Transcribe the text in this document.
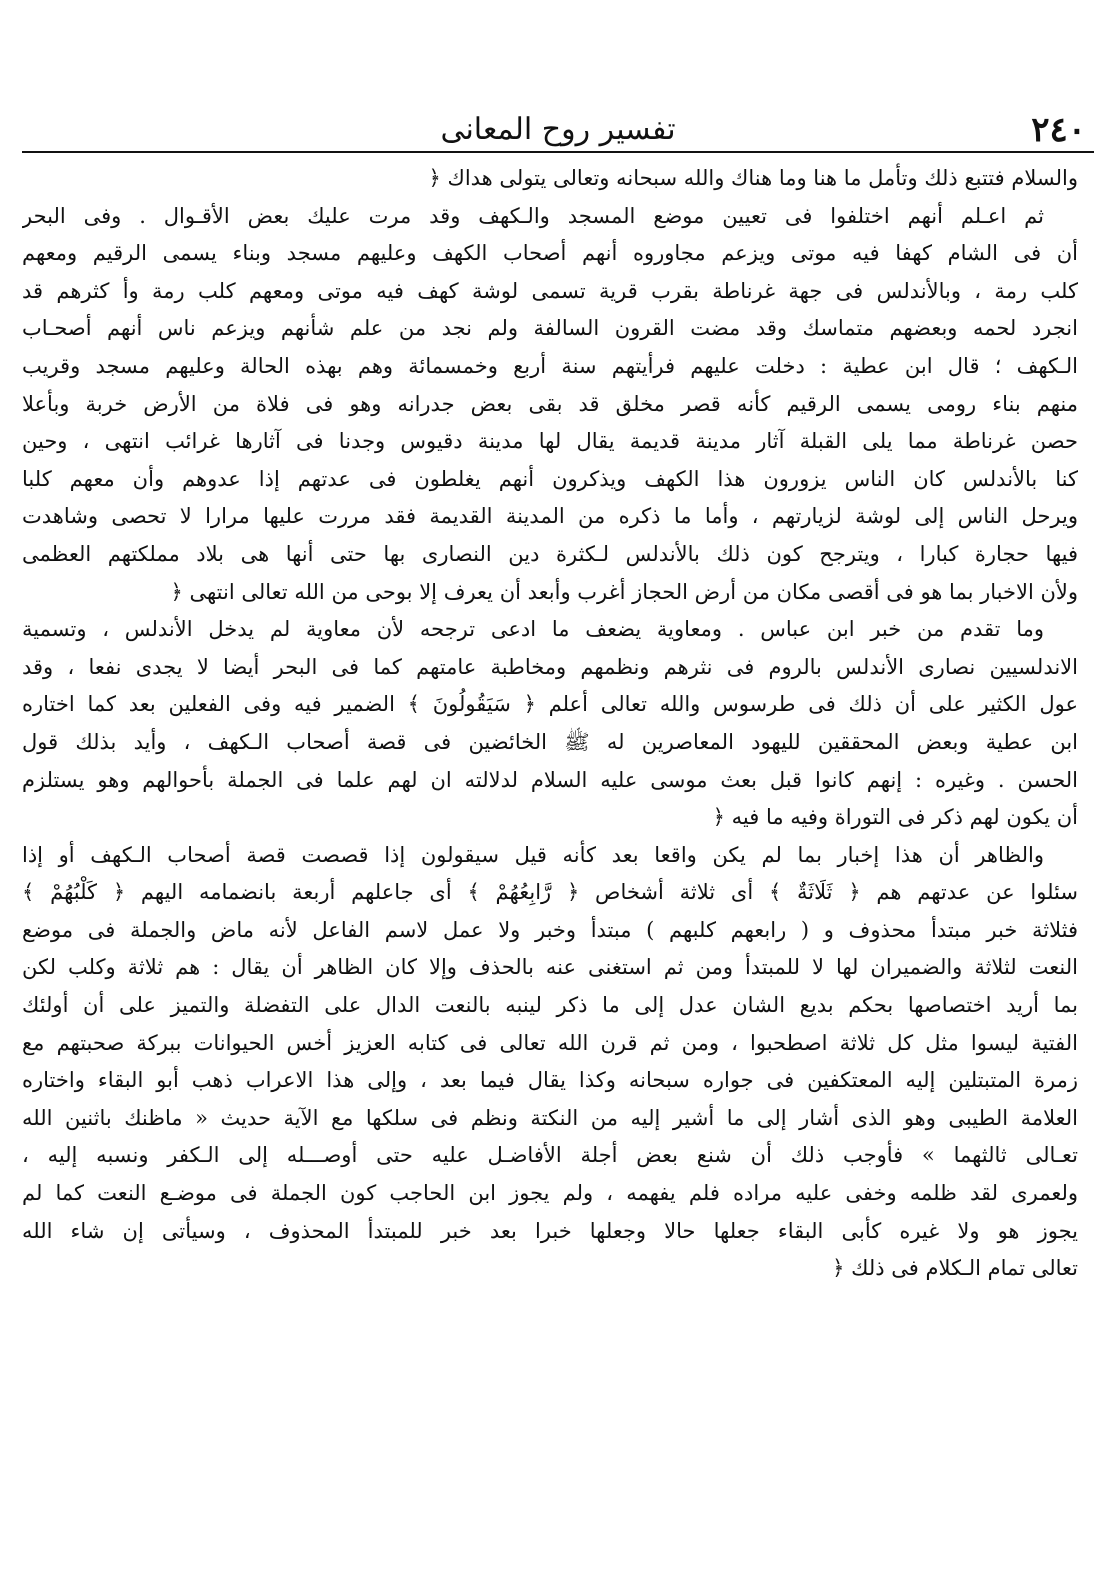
٢٤٠
تفسير روح المعانى
والسلام فتتبع ذلك وتأمل ما هنا وما هناك والله سبحانه وتعالى يتولى هداك ﴿
ثم اعـلم أنهم اختلفوا فى تعيين موضع المسجد والـكهف وقد مرت عليك بعض الأقـوال . وفى البحر
أن فى الشام كهفا فيه موتى ويزعم مجاوروه أنهم أصحاب الكهف وعليهم مسجد وبناء يسمى الرقيم ومعهم
كلب رمة ، وبالأندلس فى جهة غرناطة بقرب قرية تسمى لوشة كهف فيه موتى ومعهم كلب رمة وأ كثرهم قد
انجرد لحمه وبعضهم متماسك وقد مضت القرون السالفة ولم نجد من علم شأنهم ويزعم ناس أنهم أصحـاب
الـكهف ؛ قال ابن عطية : دخلت عليهم فرأيتهم سنة أربع وخمسمائة وهم بهذه الحالة وعليهم مسجد وقريب
منهم بناء رومى يسمى الرقيم كأنه قصر مخلق قد بقى بعض جدرانه وهو فى فلاة من الأرض خربة وبأعلا
حصن غرناطة مما يلى القبلة آثار مدينة قديمة يقال لها مدينة دقيوس وجدنا فى آثارها غرائب انتهى ، وحين
كنا بالأندلس كان الناس يزورون هذا الكهف ويذكرون أنهم يغلطون فى عدتهم إذا عدوهم وأن معهم كلبا
ويرحل الناس إلى لوشة لزيارتهم ، وأما ما ذكره من المدينة القديمة فقد مررت عليها مرارا لا تحصى وشاهدت
فيها حجارة كبارا ، ويترجح كون ذلك بالأندلس لـكثرة دين النصارى بها حتى أنها هى بلاد مملكتهم العظمى
ولأن الاخبار بما هو فى أقصى مكان من أرض الحجاز أغرب وأبعد أن يعرف إلا بوحى من الله تعالى انتهى ﴿
وما تقدم من خبر ابن عباس . ومعاوية يضعف ما ادعى ترجحه لأن معاوية لم يدخل الأندلس ، وتسمية
الاندلسيين نصارى الأندلس بالروم فى نثرهم ونظمهم ومخاطبة عامتهم كما فى البحر أيضا لا يجدى نفعا ، وقد
عول الكثير على أن ذلك فى طرسوس والله تعالى أعلم ﴿ سَيَقُولُونَ ﴾ الضمير فيه وفى الفعلين بعد كما اختاره
ابن عطية وبعض المحققين لليهود المعاصرين له ﷺ الخائضين فى قصة أصحاب الـكهف ، وأيد بذلك قول
الحسن . وغيره : إنهم كانوا قبل بعث موسى عليه السلام لدلالته ان لهم علما فى الجملة بأحوالهم وهو يستلزم
أن يكون لهم ذكر فى التوراة وفيه ما فيه ﴿
والظاهر أن هذا إخبار بما لم يكن واقعا بعد كأنه قيل سيقولون إذا قصصت قصة أصحاب الـكهف أو إذا
سئلوا عن عدتهم هم ﴿ ثَلَاثَةٌ ﴾ أى ثلاثة أشخاص ﴿ رَّابِعُهُمْ ﴾ أى جاعلهم أربعة بانضمامه اليهم ﴿ كَلْبُهُمْ ﴾
فثلاثة خبر مبتدأ محذوف و ( رابعهم كلبهم ) مبتدأ وخبر ولا عمل لاسم الفاعل لأنه ماض والجملة فى موضع
النعت لثلاثة والضميران لها لا للمبتدأ ومن ثم استغنى عنه بالحذف وإلا كان الظاهر أن يقال : هم ثلاثة وكلب لكن
بما أريد اختصاصها بحكم بديع الشان عدل إلى ما ذكر لينبه بالنعت الدال على التفضلة والتميز على أن أولئك
الفتية ليسوا مثل كل ثلاثة اصطحبوا ، ومن ثم قرن الله تعالى فى كتابه العزيز أخس الحيوانات ببركة صحبتهم مع
زمرة المتبتلين إليه المعتكفين فى جواره سبحانه وكذا يقال فيما بعد ، وإلى هذا الاعراب ذهب أبو البقاء واختاره
العلامة الطيبى وهو الذى أشار إلى ما أشير إليه من النكتة ونظم فى سلكها مع الآية حديث « ماظنك باثنين الله
تعـالى ثالثهما » فأوجب ذلك أن شنع بعض أجلة الأفاضـل عليه حتى أوصـــله إلى الـكفر ونسبه إليه ،
ولعمرى لقد ظلمه وخفى عليه مراده فلم يفهمه ، ولم يجوز ابن الحاجب كون الجملة فى موضـع النعت كما لم
يجوز هو ولا غيره كأبى البقاء جعلها حالا وجعلها خبرا بعد خبر للمبتدأ المحذوف ، وسيأتى إن شاء الله
تعالى تمام الـكلام فى ذلك ﴿
